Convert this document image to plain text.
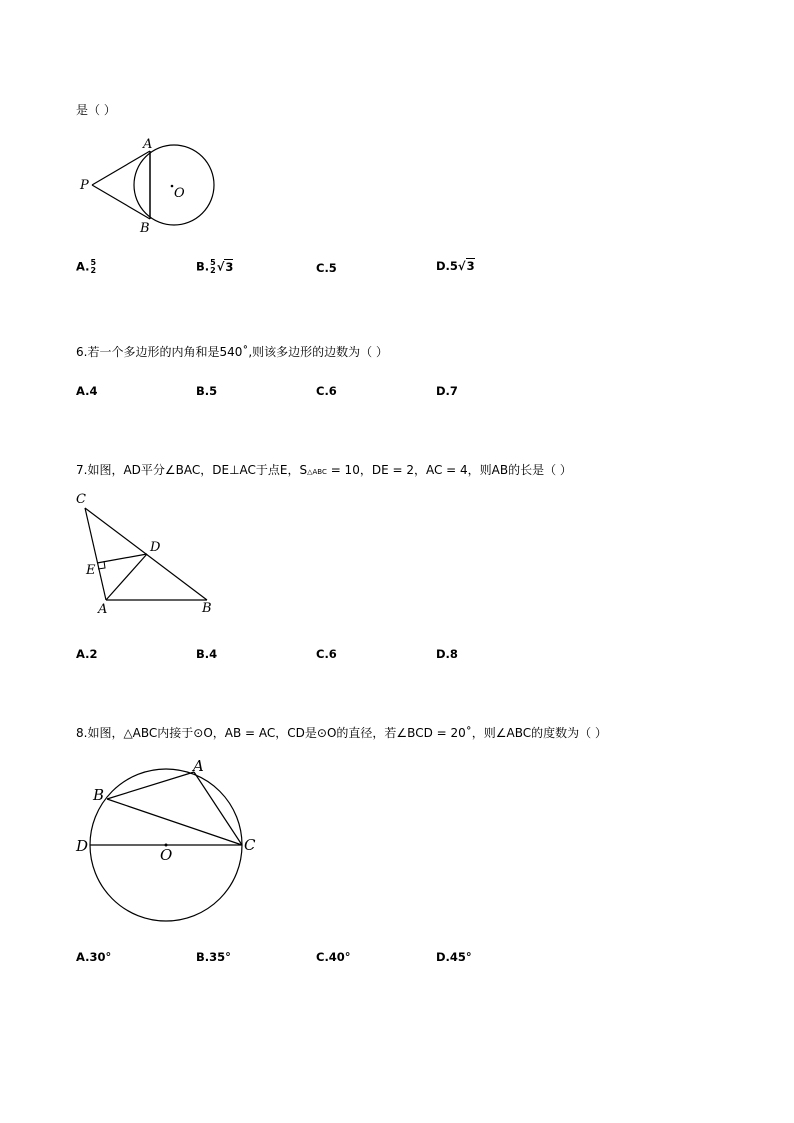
是（ ）
A
P
O
B
A. 5
2	B. 5
2 √3	C.5	D.5√3
6.若一个多边形的内角和是540˚,则该多边形的边数为（ ）
A.4	B.5	C.6	D.7
7.如图，AD平分∠BAC，DE⊥AC于点E，S△ABC = 10，DE = 2，AC = 4，则AB的长是（ ）
C
D
E
A	B
A.2	B.4	C.6	D.8
8.如图，△ABC内接于⊙O，AB = AC，CD是⊙O的直径，若∠BCD = 20˚，则∠ABC的度数为（ ）
A
B
D	O
C
A.30°	B.35°	C.40°	D.45°
